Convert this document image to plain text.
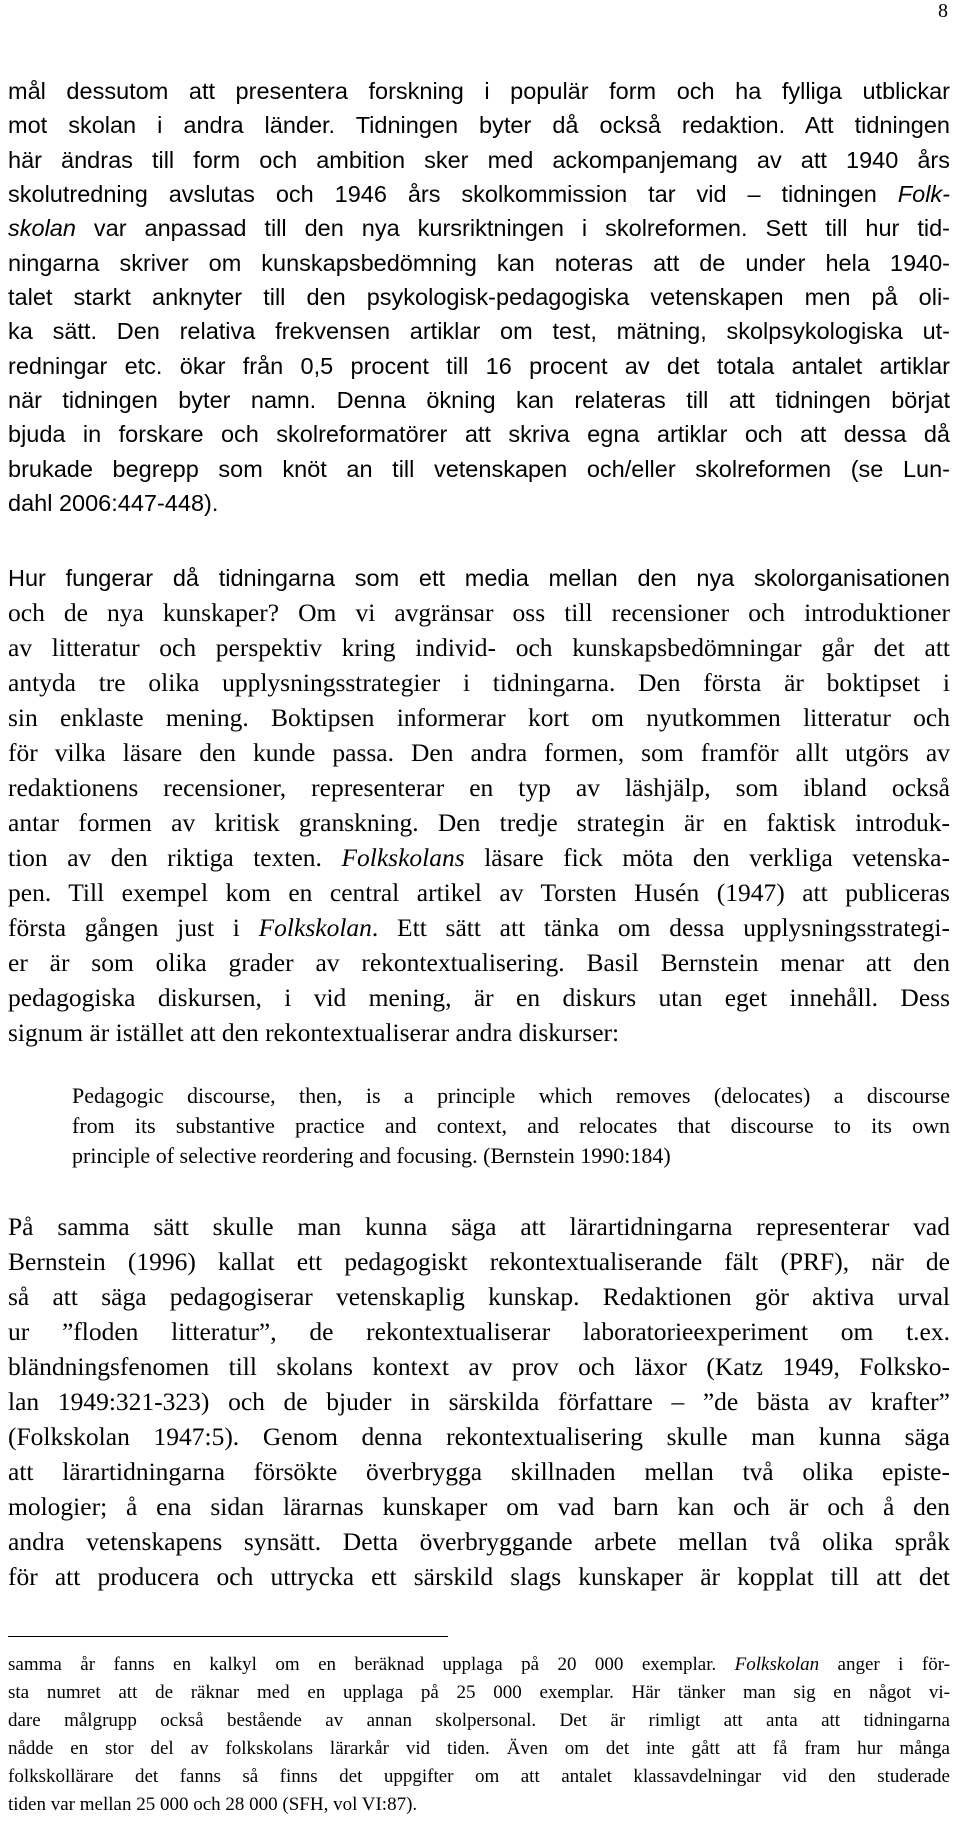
8
mål dessutom att presentera forskning i populär form och ha fylliga utblickar
mot skolan i andra länder. Tidningen byter då också redaktion. Att tidningen
här ändras till form och ambition sker med ackompanjemang av att 1940 års
skolutredning avslutas och 1946 års skolkommission tar vid – tidningen Folk-
skolan var anpassad till den nya kursriktningen i skolreformen. Sett till hur tid-
ningarna skriver om kunskapsbedömning kan noteras att de under hela 1940-
talet starkt anknyter till den psykologisk-pedagogiska vetenskapen men på oli-
ka sätt. Den relativa frekvensen artiklar om test, mätning, skolpsykologiska ut-
redningar etc. ökar från 0,5 procent till 16 procent av det totala antalet artiklar
när tidningen byter namn. Denna ökning kan relateras till att tidningen börjat
bjuda in forskare och skolreformatörer att skriva egna artiklar och att dessa då
brukade begrepp som knöt an till vetenskapen och/eller skolreformen (se Lun-
dahl 2006:447-448).
Hur fungerar då tidningarna som ett media mellan den nya skolorganisationen
och de nya kunskaper? Om vi avgränsar oss till recensioner och introduktioner
av litteratur och perspektiv kring individ- och kunskapsbedömningar går det att
antyda tre olika upplysningsstrategier i tidningarna. Den första är boktipset i
sin enklaste mening. Boktipsen informerar kort om nyutkommen litteratur och
för vilka läsare den kunde passa. Den andra formen, som framför allt utgörs av
redaktionens recensioner, representerar en typ av läshjälp, som ibland också
antar formen av kritisk granskning. Den tredje strategin är en faktisk introduk-
tion av den riktiga texten. Folkskolans läsare fick möta den verkliga vetenska-
pen. Till exempel kom en central artikel av Torsten Husén (1947) att publiceras
första gången just i Folkskolan. Ett sätt att tänka om dessa upplysningsstrategi-
er är som olika grader av rekontextualisering. Basil Bernstein menar att den
pedagogiska diskursen, i vid mening, är en diskurs utan eget innehåll. Dess
signum är istället att den rekontextualiserar andra diskurser:
Pedagogic discourse, then, is a principle which removes (delocates) a discourse
from its substantive practice and context, and relocates that discourse to its own
principle of selective reordering and focusing. (Bernstein 1990:184)
På samma sätt skulle man kunna säga att lärartidningarna representerar vad
Bernstein (1996) kallat ett pedagogiskt rekontextualiserande fält (PRF), när de
så att säga pedagogiserar vetenskaplig kunskap. Redaktionen gör aktiva urval
ur ”floden litteratur”, de rekontextualiserar laboratorieexperiment om t.ex.
bländningsfenomen till skolans kontext av prov och läxor (Katz 1949, Folksko-
lan 1949:321-323) och de bjuder in särskilda författare – ”de bästa av krafter”
(Folkskolan 1947:5). Genom denna rekontextualisering skulle man kunna säga
att lärartidningarna försökte överbrygga skillnaden mellan två olika episte-
mologier; å ena sidan lärarnas kunskaper om vad barn kan och är och å den
andra vetenskapens synsätt. Detta överbryggande arbete mellan två olika språk
för att producera och uttrycka ett särskild slags kunskaper är kopplat till att det
samma år fanns en kalkyl om en beräknad upplaga på 20 000 exemplar. Folkskolan anger i för-
sta numret att de räknar med en upplaga på 25 000 exemplar. Här tänker man sig en något vi-
dare målgrupp också bestående av annan skolpersonal. Det är rimligt att anta att tidningarna
nådde en stor del av folkskolans lärarkår vid tiden. Även om det inte gått att få fram hur många
folkskollärare det fanns så finns det uppgifter om att antalet klassavdelningar vid den studerade
tiden var mellan 25 000 och 28 000 (SFH, vol VI:87).
